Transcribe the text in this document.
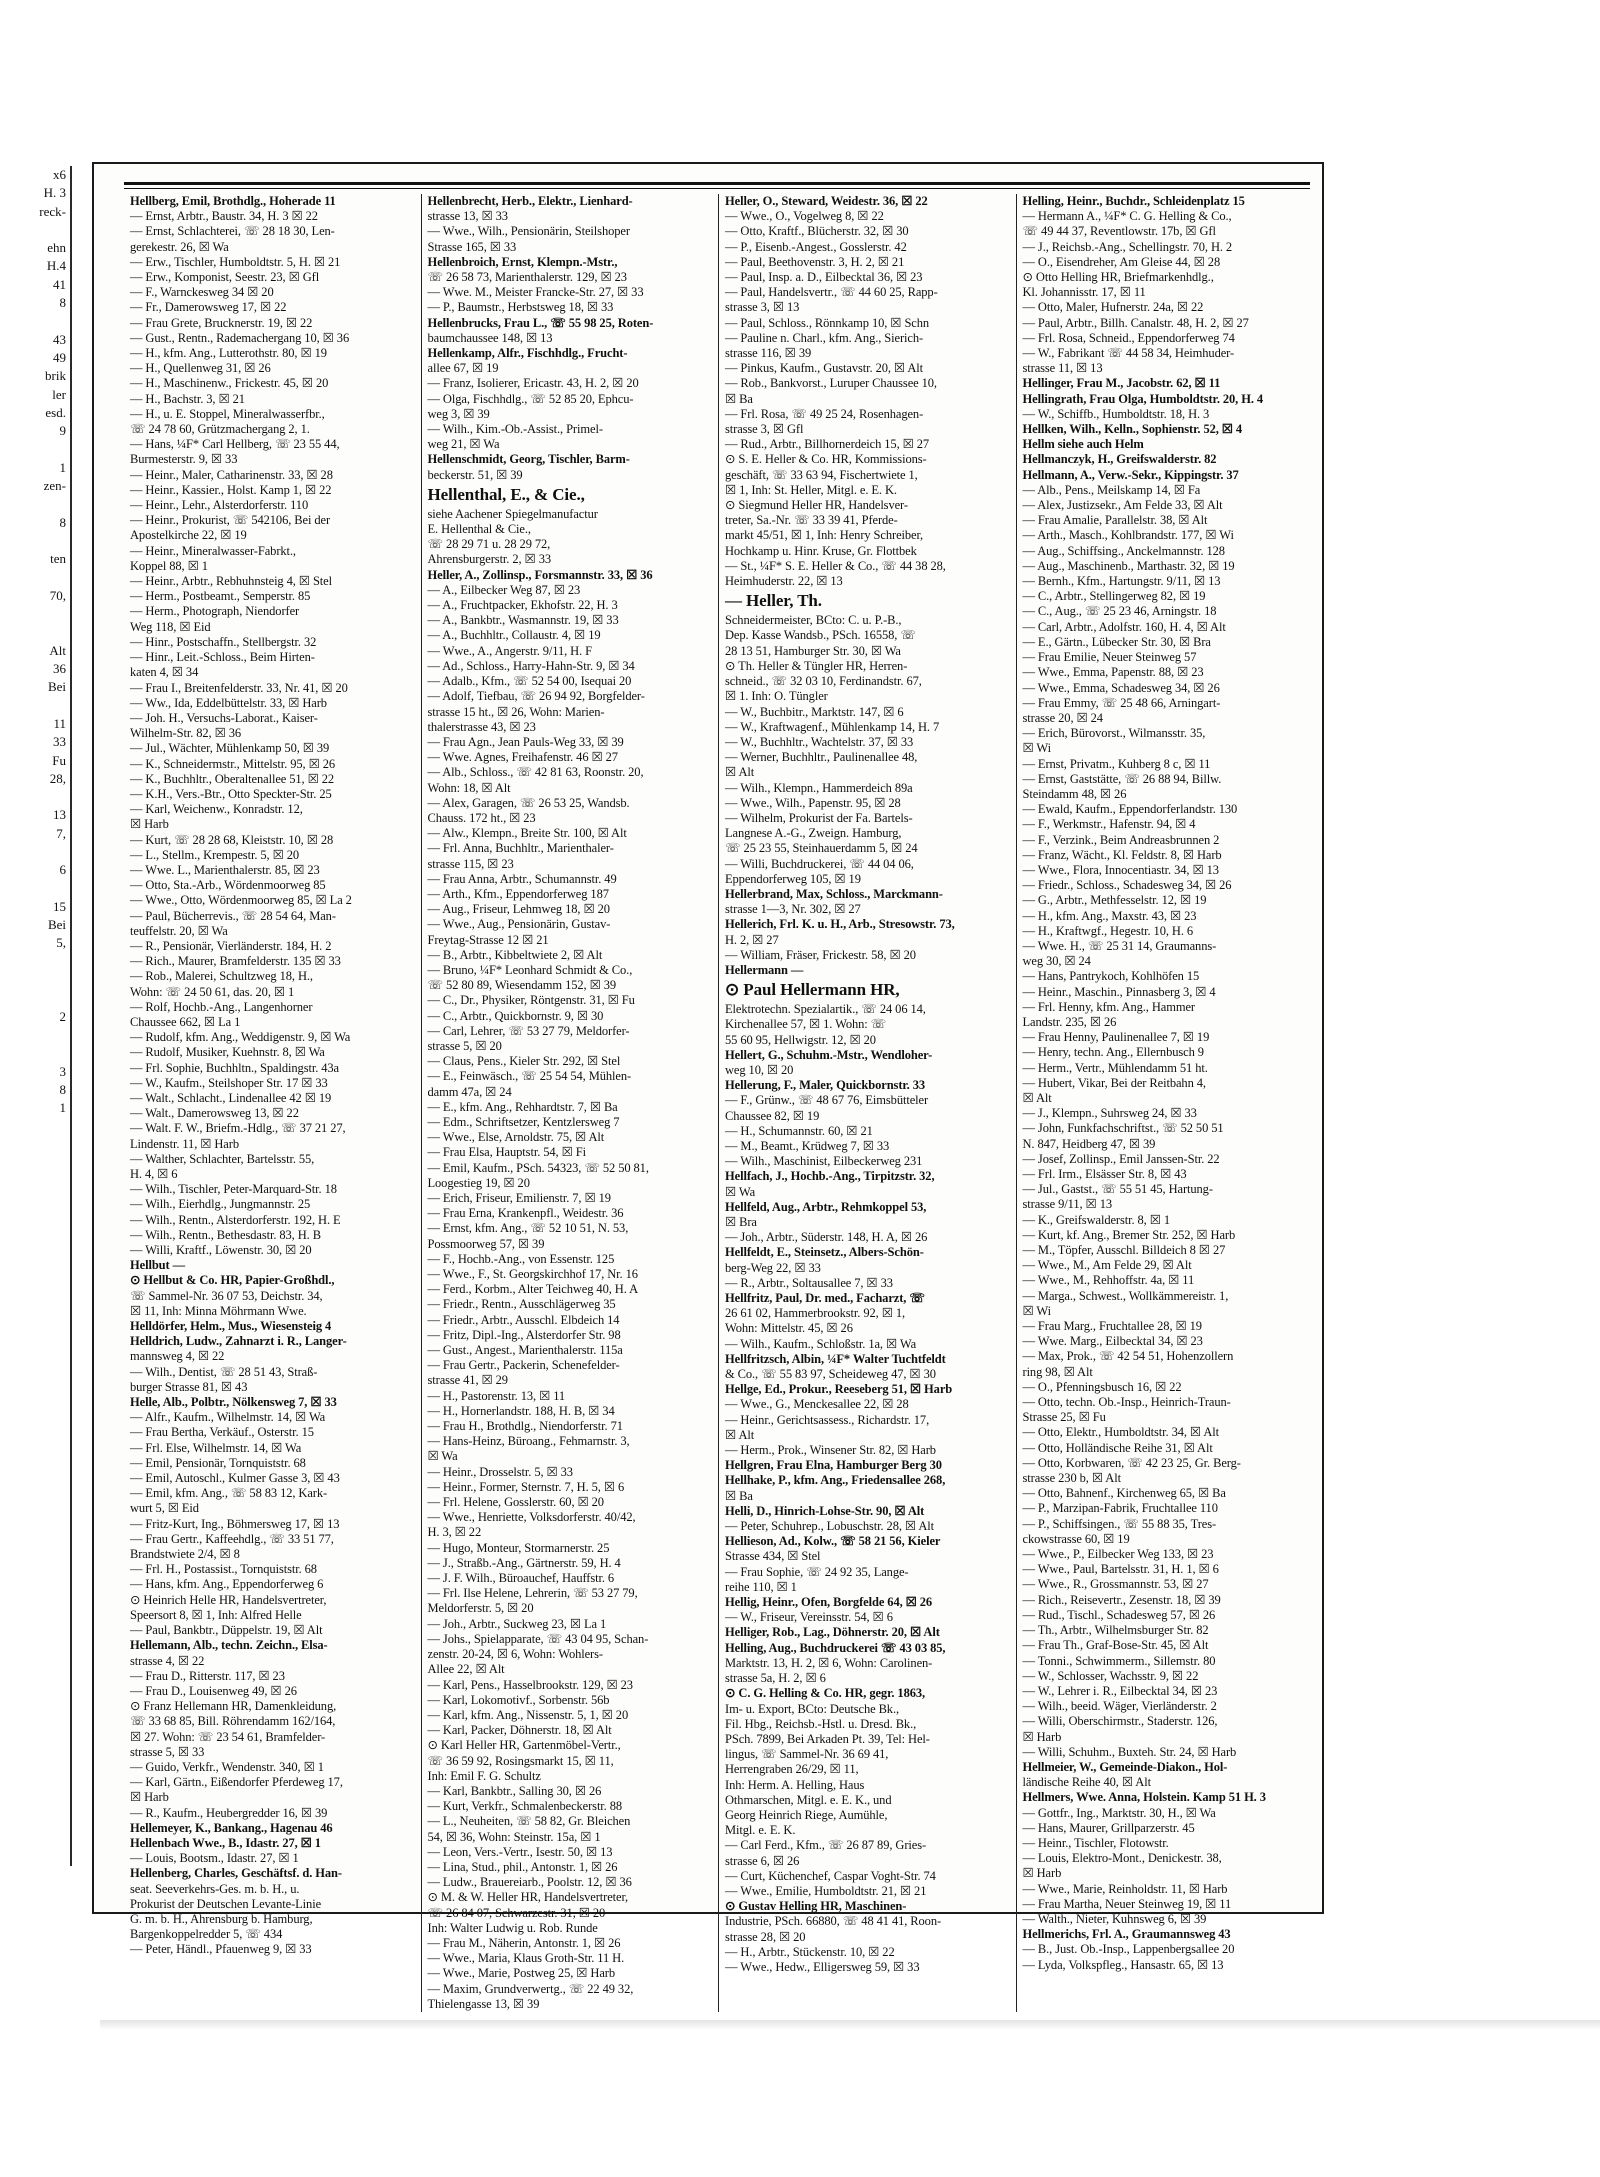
x6
H. 3
reck-

ehn
H.4
41
8

43
49
brik
ler
esd.
9

1
zen-

8

ten

70,

Alt
36
Bei

11
33
Fu
28,

13
7,

6

15
Bei
5,

2

3
8
1
Hellberg, Emil, Brothdlg., Hoherade 11
— Ernst, Arbtr., Baustr. 34, H. 3 ☒ 22
— Ernst, Schlachterei, ☏ 28 18 30, Len-
gerekestr. 26, ☒ Wa
— Erw., Tischler, Humboldtstr. 5, H. ☒ 21
— Erw., Komponist, Seestr. 23, ☒ Gfl
— F., Warnckesweg 34 ☒ 20
— Fr., Damerowsweg 17, ☒ 22
— Frau Grete, Brucknerstr. 19, ☒ 22
— Gust., Rentn., Rademachergang 10, ☒ 36
— H., kfm. Ang., Lutterothstr. 80, ☒ 19
— H., Quellenweg 31, ☒ 26
— H., Maschinenw., Frickestr. 45, ☒ 20
— H., Bachstr. 3, ☒ 21
— H., u. E. Stoppel, Mineralwasserfbr.,
☏ 24 78 60, Grützmachergang 2, 1.
— Hans, ¼F* Carl Hellberg, ☏ 23 55 44,
Burmesterstr. 9, ☒ 33
— Heinr., Maler, Catharinenstr. 33, ☒ 28
— Heinr., Kassier., Holst. Kamp 1, ☒ 22
— Heinr., Lehr., Alsterdorferstr. 110
— Heinr., Prokurist, ☏ 542106, Bei der
Apostelkirche 22, ☒ 19
— Heinr., Mineralwasser-Fabrkt.,
Koppel 88, ☒ 1
— Heinr., Arbtr., Rebhuhnsteig 4, ☒ Stel
— Herm., Postbeamt., Semperstr. 85
— Herm., Photograph, Niendorfer
Weg 118, ☒ Eid
— Hinr., Postschaffn., Stellbergstr. 32
— Hinr., Leit.-Schloss., Beim Hirten-
katen 4, ☒ 34
— Frau I., Breitenfelderstr. 33, Nr. 41, ☒ 20
— Ww., Ida, Eddelbüttelstr. 33, ☒ Harb
— Joh. H., Versuchs-Laborat., Kaiser-
Wilhelm-Str. 82, ☒ 36
— Jul., Wächter, Mühlenkamp 50, ☒ 39
— K., Schneidermstr., Mittelstr. 95, ☒ 26
— K., Buchhltr., Oberaltenallee 51, ☒ 22
— K.H., Vers.-Btr., Otto Speckter-Str. 25
— Karl, Weichenw., Konradstr. 12,
☒ Harb
— Kurt, ☏ 28 28 68, Kleiststr. 10, ☒ 28
— L., Stellm., Krempestr. 5, ☒ 20
— Wwe. L., Marienthalerstr. 85, ☒ 23
— Otto, Sta.-Arb., Wördenmoorweg 85
— Wwe., Otto, Wördenmoorweg 85, ☒ La 2
— Paul, Bücherrevis., ☏ 28 54 64, Man-
teuffelstr. 20, ☒ Wa
— R., Pensionär, Vierländerstr. 184, H. 2
— Rich., Maurer, Bramfelderstr. 135 ☒ 33
— Rob., Malerei, Schultzweg 18, H.,
Wohn: ☏ 24 50 61, das. 20, ☒ 1
— Rolf, Hochb.-Ang., Langenhorner
Chaussee 662, ☒ La 1
— Rudolf, kfm. Ang., Weddigenstr. 9, ☒ Wa
— Rudolf, Musiker, Kuehnstr. 8, ☒ Wa
— Frl. Sophie, Buchhltn., Spaldingstr. 43a
— W., Kaufm., Steilshoper Str. 17 ☒ 33
— Walt., Schlacht., Lindenallee 42 ☒ 19
— Walt., Damerowsweg 13, ☒ 22
— Walt. F. W., Briefm.-Hdlg., ☏ 37 21 27,
Lindenstr. 11, ☒ Harb
— Walther, Schlachter, Bartelsstr. 55,
H. 4, ☒ 6
— Wilh., Tischler, Peter-Marquard-Str. 18
— Wilh., Eierhdlg., Jungmannstr. 25
— Wilh., Rentn., Alsterdorferstr. 192, H. E
— Wilh., Rentn., Bethesdastr. 83, H. B
— Willi, Kraftf., Löwenstr. 30, ☒ 20
Hellbut —
⊙ Hellbut & Co. HR, Papier-Großhdl.,
☏ Sammel-Nr. 36 07 53, Deichstr. 34,
☒ 11, Inh: Minna Möhrmann Wwe.
Helldörfer, Helm., Mus., Wiesensteig 4
Helldrich, Ludw., Zahnarzt i. R., Langer-
mannsweg 4, ☒ 22
— Wilh., Dentist, ☏ 28 51 43, Straß-
burger Strasse 81, ☒ 43
Helle, Alb., Polbtr., Nölkensweg 7, ☒ 33
— Alfr., Kaufm., Wilhelmstr. 14, ☒ Wa
— Frau Bertha, Verkäuf., Osterstr. 15
— Frl. Else, Wilhelmstr. 14, ☒ Wa
— Emil, Pensionär, Tornquiststr. 68
— Emil, Autoschl., Kulmer Gasse 3, ☒ 43
— Emil, kfm. Ang., ☏ 58 83 12, Kark-
wurt 5, ☒ Eid
— Fritz-Kurt, Ing., Böhmersweg 17, ☒ 13
— Frau Gertr., Kaffeehdlg., ☏ 33 51 77,
Brandstwiete 2/4, ☒ 8
— Frl. H., Postassist., Tornquiststr. 68
— Hans, kfm. Ang., Eppendorferweg 6
⊙ Heinrich Helle HR, Handelsvertreter,
Speersort 8, ☒ 1, Inh: Alfred Helle
— Paul, Bankbtr., Düppelstr. 19, ☒ Alt
Hellemann, Alb., techn. Zeichn., Elsa-
strasse 4, ☒ 22
— Frau D., Ritterstr. 117, ☒ 23
— Frau D., Louisenweg 49, ☒ 26
⊙ Franz Hellemann HR, Damenkleidung,
☏ 33 68 85, Bill. Röhrendamm 162/164,
☒ 27. Wohn: ☏ 23 54 61, Bramfelder-
strasse 5, ☒ 33
— Guido, Verkfr., Wendenstr. 340, ☒ 1
— Karl, Gärtn., Eißendorfer Pferdeweg 17,
☒ Harb
— R., Kaufm., Heubergredder 16, ☒ 39
Hellemeyer, K., Bankang., Hagenau 46
Hellenbach Wwe., B., Idastr. 27, ☒ 1
— Louis, Bootsm., Idastr. 27, ☒ 1
Hellenberg, Charles, Geschäftsf. d. Han-
seat. Seeverkehrs-Ges. m. b. H., u.
Prokurist der Deutschen Levante-Linie
G. m. b. H., Ahrensburg b. Hamburg,
Bargenkoppelredder 5, ☏ 434
— Peter, Händl., Pfauenweg 9, ☒ 33
Hellenbrecht, Herb., Elektr., Lienhard-
strasse 13, ☒ 33
— Wwe., Wilh., Pensionärin, Steilshoper
Strasse 165, ☒ 33
Hellenbroich, Ernst, Klempn.-Mstr.,
☏ 26 58 73, Marienthalerstr. 129, ☒ 23
— Wwe. M., Meister Francke-Str. 27, ☒ 33
— P., Baumstr., Herbstsweg 18, ☒ 33
Hellenbrucks, Frau L., ☏ 55 98 25, Roten-
baumchaussee 148, ☒ 13
Hellenkamp, Alfr., Fischhdlg., Frucht-
allee 67, ☒ 19
— Franz, Isolierer, Ericastr. 43, H. 2, ☒ 20
— Olga, Fischhdlg., ☏ 52 85 20, Ephcu-
weg 3, ☒ 39
— Wilh., Kim.-Ob.-Assist., Primel-
weg 21, ☒ Wa
Hellenschmidt, Georg, Tischler, Barm-
beckerstr. 51, ☒ 39
Hellenthal, E., & Cie.,
siehe Aachener Spiegelmanufactur
E. Hellenthal & Cie.,
☏ 28 29 71 u. 28 29 72,
Ahrensburgerstr. 2, ☒ 33
Heller, A., Zollinsp., Forsmannstr. 33, ☒ 36
— A., Eilbecker Weg 87, ☒ 23
— A., Fruchtpacker, Ekhofstr. 22, H. 3
— A., Bankbtr., Wasmannstr. 19, ☒ 33
— A., Buchhltr., Collaustr. 4, ☒ 19
— Wwe., A., Angerstr. 9/11, H. F
— Ad., Schloss., Harry-Hahn-Str. 9, ☒ 34
— Adalb., Kfm., ☏ 52 54 00, Isequai 20
— Adolf, Tiefbau, ☏ 26 94 92, Borgfelder-
strasse 15 ht., ☒ 26, Wohn: Marien-
thalerstrasse 43, ☒ 23
— Frau Agn., Jean Pauls-Weg 33, ☒ 39
— Wwe. Agnes, Freihafenstr. 46 ☒ 27
— Alb., Schloss., ☏ 42 81 63, Roonstr. 20,
Wohn: 18, ☒ Alt
— Alex, Garagen, ☏ 26 53 25, Wandsb.
Chauss. 172 ht., ☒ 23
— Alw., Klempn., Breite Str. 100, ☒ Alt
— Frl. Anna, Buchhltr., Marienthaler-
strasse 115, ☒ 23
— Frau Anna, Arbtr., Schumannstr. 49
— Arth., Kfm., Eppendorferweg 187
— Aug., Friseur, Lehmweg 18, ☒ 20
— Wwe., Aug., Pensionärin, Gustav-
Freytag-Strasse 12 ☒ 21
— B., Arbtr., Kibbeltwiete 2, ☒ Alt
— Bruno, ¼F* Leonhard Schmidt & Co.,
☏ 52 80 89, Wiesendamm 152, ☒ 39
— C., Dr., Physiker, Röntgenstr. 31, ☒ Fu
— C., Arbtr., Quickbornstr. 9, ☒ 30
— Carl, Lehrer, ☏ 53 27 79, Meldorfer-
strasse 5, ☒ 20
— Claus, Pens., Kieler Str. 292, ☒ Stel
— E., Feinwäsch., ☏ 25 54 54, Mühlen-
damm 47a, ☒ 24
— E., kfm. Ang., Rehhardtstr. 7, ☒ Ba
— Edm., Schriftsetzer, Kentzlersweg 7
— Wwe., Else, Arnoldstr. 75, ☒ Alt
— Frau Elsa, Hauptstr. 54, ☒ Fi
— Emil, Kaufm., PSch. 54323, ☏ 52 50 81,
Loogestieg 19, ☒ 20
— Erich, Friseur, Emilienstr. 7, ☒ 19
— Frau Erna, Krankenpfl., Weidestr. 36
— Ernst, kfm. Ang., ☏ 52 10 51, N. 53,
Possmoorweg 57, ☒ 39
— F., Hochb.-Ang., von Essenstr. 125
— Wwe., F., St. Georgskirchhof 17, Nr. 16
— Ferd., Korbm., Alter Teichweg 40, H. A
— Friedr., Rentn., Ausschlägerweg 35
— Friedr., Arbtr., Ausschl. Elbdeich 14
— Fritz, Dipl.-Ing., Alsterdorfer Str. 98
— Gust., Angest., Marienthalerstr. 115a
— Frau Gertr., Packerin, Schenefelder-
strasse 41, ☒ 29
— H., Pastorenstr. 13, ☒ 11
— H., Hornerlandstr. 188, H. B, ☒ 34
— Frau H., Brothdlg., Niendorferstr. 71
— Hans-Heinz, Büroang., Fehmarnstr. 3,
☒ Wa
— Heinr., Drosselstr. 5, ☒ 33
— Heinr., Former, Sternstr. 7, H. 5, ☒ 6
— Frl. Helene, Gosslerstr. 60, ☒ 20
— Wwe., Henriette, Volksdorferstr. 40/42,
H. 3, ☒ 22
— Hugo, Monteur, Stormarnerstr. 25
— J., Straßb.-Ang., Gärtnerstr. 59, H. 4
— J. F. Wilh., Büroauchef, Hauffstr. 6
— Frl. Ilse Helene, Lehrerin, ☏ 53 27 79,
Meldorferstr. 5, ☒ 20
— Joh., Arbtr., Suckweg 23, ☒ La 1
— Johs., Spielapparate, ☏ 43 04 95, Schan-
zenstr. 20-24, ☒ 6, Wohn: Wohlers-
Allee 22, ☒ Alt
— Karl, Pens., Hasselbrookstr. 129, ☒ 23
— Karl, Lokomotivf., Sorbenstr. 56b
— Karl, kfm. Ang., Nissenstr. 5, 1, ☒ 20
— Karl, Packer, Döhnerstr. 18, ☒ Alt
⊙ Karl Heller HR, Gartenmöbel-Vertr.,
☏ 36 59 92, Rosingsmarkt 15, ☒ 11,
Inh: Emil F. G. Schultz
— Karl, Bankbtr., Salling 30, ☒ 26
— Kurt, Verkfr., Schmalenbeckerstr. 88
— L., Neuheiten, ☏ 58 82, Gr. Bleichen
54, ☒ 36, Wohn: Steinstr. 15a, ☒ 1
— Leon, Vers.-Vertr., Isestr. 50, ☒ 13
— Lina, Stud., phil., Antonstr. 1, ☒ 26
— Ludw., Brauereiarb., Poolstr. 12, ☒ 36
⊙ M. & W. Heller HR, Handelsvertreter,
☏ 26 84 07, Schwarzestr. 31, ☒ 20
Inh: Walter Ludwig u. Rob. Runde
— Frau M., Näherin, Antonstr. 1, ☒ 26
— Wwe., Maria, Klaus Groth-Str. 11 H.
— Wwe., Marie, Postweg 25, ☒ Harb
— Maxim, Grundverwertg., ☏ 22 49 32,
Thielengasse 13, ☒ 39
Heller, O., Steward, Weidestr. 36, ☒ 22
— Wwe., O., Vogelweg 8, ☒ 22
— Otto, Kraftf., Blücherstr. 32, ☒ 30
— P., Eisenb.-Angest., Gosslerstr. 42
— Paul, Beethovenstr. 3, H. 2, ☒ 21
— Paul, Insp. a. D., Eilbecktal 36, ☒ 23
— Paul, Handelsvertr., ☏ 44 60 25, Rapp-
strasse 3, ☒ 13
— Paul, Schloss., Rönnkamp 10, ☒ Schn
— Pauline n. Charl., kfm. Ang., Sierich-
strasse 116, ☒ 39
— Pinkus, Kaufm., Gustavstr. 20, ☒ Alt
— Rob., Bankvorst., Luruper Chaussee 10,
☒ Ba
— Frl. Rosa, ☏ 49 25 24, Rosenhagen-
strasse 3, ☒ Gfl
— Rud., Arbtr., Billhornerdeich 15, ☒ 27
⊙ S. E. Heller & Co. HR, Kommissions-
geschäft, ☏ 33 63 94, Fischertwiete 1,
☒ 1, Inh: St. Heller, Mitgl. e. E. K.
⊙ Siegmund Heller HR, Handelsver-
treter, Sa.-Nr. ☏ 33 39 41, Pferde-
markt 45/51, ☒ 1, Inh: Henry Schreiber,
Hochkamp u. Hinr. Kruse, Gr. Flottbek
— St., ¼F* S. E. Heller & Co., ☏ 44 38 28,
Heimhuderstr. 22, ☒ 13
— Heller, Th.
Schneidermeister, BCto: C. u. P.-B.,
Dep. Kasse Wandsb., PSch. 16558, ☏
28 13 51, Hamburger Str. 30, ☒ Wa
⊙ Th. Heller & Tüngler HR, Herren-
schneid., ☏ 32 03 10, Ferdinandstr. 67,
☒ 1. Inh: O. Tüngler
— W., Buchbitr., Marktstr. 147, ☒ 6
— W., Kraftwagenf., Mühlenkamp 14, H. 7
— W., Buchhltr., Wachtelstr. 37, ☒ 33
— Werner, Buchhltr., Paulinenallee 48,
☒ Alt
— Wilh., Klempn., Hammerdeich 89a
— Wwe., Wilh., Papenstr. 95, ☒ 28
— Wilhelm, Prokurist der Fa. Bartels-
Langnese A.-G., Zweign. Hamburg,
☏ 25 23 55, Steinhauerdamm 5, ☒ 24
— Willi, Buchdruckerei, ☏ 44 04 06,
Eppendorferweg 105, ☒ 19
Hellerbrand, Max, Schloss., Marckmann-
strasse 1—3, Nr. 302, ☒ 27
Hellerich, Frl. K. u. H., Arb., Stresowstr. 73,
H. 2, ☒ 27
— William, Fräser, Frickestr. 58, ☒ 20
Hellermann —
⊙ Paul Hellermann HR,
Elektrotechn. Spezialartik., ☏ 24 06 14,
Kirchenallee 57, ☒ 1. Wohn: ☏
55 60 95, Hellwigstr. 12, ☒ 20
Hellert, G., Schuhm.-Mstr., Wendloher-
weg 10, ☒ 20
Hellerung, F., Maler, Quickbornstr. 33
— F., Grünw., ☏ 48 67 76, Eimsbütteler
Chaussee 82, ☒ 19
— H., Schumannstr. 60, ☒ 21
— M., Beamt., Krüdweg 7, ☒ 33
— Wilh., Maschinist, Eilbeckerweg 231
Hellfach, J., Hochb.-Ang., Tirpitzstr. 32,
☒ Wa
Hellfeld, Aug., Arbtr., Rehmkoppel 53,
☒ Bra
— Joh., Arbtr., Süderstr. 148, H. A, ☒ 26
Hellfeldt, E., Steinsetz., Albers-Schön-
berg-Weg 22, ☒ 33
— R., Arbtr., Soltausallee 7, ☒ 33
Hellfritz, Paul, Dr. med., Facharzt, ☏
26 61 02, Hammerbrookstr. 92, ☒ 1,
Wohn: Mittelstr. 45, ☒ 26
— Wilh., Kaufm., Schloßstr. 1a, ☒ Wa
Hellfritzsch, Albin, ¼F* Walter Tuchtfeldt
& Co., ☏ 55 83 97, Scheideweg 47, ☒ 30
Hellge, Ed., Prokur., Reeseberg 51, ☒ Harb
— Wwe., G., Menckesallee 22, ☒ 28
— Heinr., Gerichtsassess., Richardstr. 17,
☒ Alt
— Herm., Prok., Winsener Str. 82, ☒ Harb
Hellgren, Frau Elna, Hamburger Berg 30
Hellhake, P., kfm. Ang., Friedensallee 268,
☒ Ba
Helli, D., Hinrich-Lohse-Str. 90, ☒ Alt
— Peter, Schuhrep., Lobuschstr. 28, ☒ Alt
Hellieson, Ad., Kolw., ☏ 58 21 56, Kieler
Strasse 434, ☒ Stel
— Frau Sophie, ☏ 24 92 35, Lange-
reihe 110, ☒ 1
Hellig, Heinr., Ofen, Borgfelde 64, ☒ 26
— W., Friseur, Vereinsstr. 54, ☒ 6
Helliger, Rob., Lag., Döhnerstr. 20, ☒ Alt
Helling, Aug., Buchdruckerei ☏ 43 03 85,
Marktstr. 13, H. 2, ☒ 6, Wohn: Carolinen-
strasse 5a, H. 2, ☒ 6
⊙ C. G. Helling & Co. HR, gegr. 1863,
Im- u. Export, BCto: Deutsche Bk.,
Fil. Hbg., Reichsb.-Hstl. u. Dresd. Bk.,
PSch. 7899, Bei Arkaden Pt. 39, Tel: Hel-
lingus, ☏ Sammel-Nr. 36 69 41,
Herrengraben 26/29, ☒ 11,
Inh: Herm. A. Helling, Haus
Othmarschen, Mitgl. e. E. K., und
Georg Heinrich Riege, Aumühle,
Mitgl. e. E. K.
— Carl Ferd., Kfm., ☏ 26 87 89, Gries-
strasse 6, ☒ 26
— Curt, Küchenchef, Caspar Voght-Str. 74
— Wwe., Emilie, Humboldtstr. 21, ☒ 21
⊙ Gustav Helling HR, Maschinen-
Industrie, PSch. 66880, ☏ 48 41 41, Roon-
strasse 28, ☒ 20
— H., Arbtr., Stückenstr. 10, ☒ 22
— Wwe., Hedw., Elligersweg 59, ☒ 33
Helling, Heinr., Buchdr., Schleidenplatz 15
— Hermann A., ¼F* C. G. Helling & Co.,
☏ 49 44 37, Reventlowstr. 17b, ☒ Gfl
— J., Reichsb.-Ang., Schellingstr. 70, H. 2
— O., Eisendreher, Am Gleise 44, ☒ 28
⊙ Otto Helling HR, Briefmarkenhdlg.,
Kl. Johannisstr. 17, ☒ 11
— Otto, Maler, Hufnerstr. 24a, ☒ 22
— Paul, Arbtr., Billh. Canalstr. 48, H. 2, ☒ 27
— Frl. Rosa, Schneid., Eppendorferweg 74
— W., Fabrikant ☏ 44 58 34, Heimhuder-
strasse 11, ☒ 13
Hellinger, Frau M., Jacobstr. 62, ☒ 11
Hellingrath, Frau Olga, Humboldtstr. 20, H. 4
— W., Schiffb., Humboldtstr. 18, H. 3
Hellken, Wilh., Kelln., Sophienstr. 52, ☒ 4
Hellm siehe auch Helm
Hellmanczyk, H., Greifswalderstr. 82
Hellmann, A., Verw.-Sekr., Kippingstr. 37
— Alb., Pens., Meilskamp 14, ☒ Fa
— Alex, Justizsekr., Am Felde 33, ☒ Alt
— Frau Amalie, Parallelstr. 38, ☒ Alt
— Arth., Masch., Kohlbrandstr. 177, ☒ Wi
— Aug., Schiffsing., Anckelmannstr. 128
— Aug., Maschinenb., Marthastr. 32, ☒ 19
— Bernh., Kfm., Hartungstr. 9/11, ☒ 13
— C., Arbtr., Stellingerweg 82, ☒ 19
— C., Aug., ☏ 25 23 46, Arningstr. 18
— Carl, Arbtr., Adolfstr. 160, H. 4, ☒ Alt
— E., Gärtn., Lübecker Str. 30, ☒ Bra
— Frau Emilie, Neuer Steinweg 57
— Wwe., Emma, Papenstr. 88, ☒ 23
— Wwe., Emma, Schadesweg 34, ☒ 26
— Frau Emmy, ☏ 25 48 66, Arningart-
strasse 20, ☒ 24
— Erich, Bürovorst., Wilmansstr. 35,
☒ Wi
— Ernst, Privatm., Kuhberg 8 c, ☒ 11
— Ernst, Gaststätte, ☏ 26 88 94, Billw.
Steindamm 48, ☒ 26
— Ewald, Kaufm., Eppendorferlandstr. 130
— F., Werkmstr., Hafenstr. 94, ☒ 4
— F., Verzink., Beim Andreasbrunnen 2
— Franz, Wächt., Kl. Feldstr. 8, ☒ Harb
— Wwe., Flora, Innocentiastr. 34, ☒ 13
— Friedr., Schloss., Schadesweg 34, ☒ 26
— G., Arbtr., Methfesselstr. 12, ☒ 19
— H., kfm. Ang., Maxstr. 43, ☒ 23
— H., Kraftwgf., Hegestr. 10, H. 6
— Wwe. H., ☏ 25 31 14, Graumanns-
weg 30, ☒ 24
— Hans, Pantrykoch, Kohlhöfen 15
— Heinr., Maschin., Pinnasberg 3, ☒ 4
— Frl. Henny, kfm. Ang., Hammer
Landstr. 235, ☒ 26
— Frau Henny, Paulinenallee 7, ☒ 19
— Henry, techn. Ang., Ellernbusch 9
— Herm., Vertr., Mühlendamm 51 ht.
— Hubert, Vikar, Bei der Reitbahn 4,
☒ Alt
— J., Klempn., Suhrsweg 24, ☒ 33
— John, Funkfachschriftst., ☏ 52 50 51
N. 847, Heidberg 47, ☒ 39
— Josef, Zollinsp., Emil Janssen-Str. 22
— Frl. Irm., Elsässer Str. 8, ☒ 43
— Jul., Gastst., ☏ 55 51 45, Hartung-
strasse 9/11, ☒ 13
— K., Greifswalderstr. 8, ☒ 1
— Kurt, kf. Ang., Bremer Str. 252, ☒ Harb
— M., Töpfer, Ausschl. Billdeich 8 ☒ 27
— Wwe., M., Am Felde 29, ☒ Alt
— Wwe., M., Rehhoffstr. 4a, ☒ 11
— Marga., Schwest., Wollkämmereistr. 1,
☒ Wi
— Frau Marg., Fruchtallee 28, ☒ 19
— Wwe. Marg., Eilbecktal 34, ☒ 23
— Max, Prok., ☏ 42 54 51, Hohenzollern
ring 98, ☒ Alt
— O., Pfenningsbusch 16, ☒ 22
— Otto, techn. Ob.-Insp., Heinrich-Traun-
Strasse 25, ☒ Fu
— Otto, Elektr., Humboldtstr. 34, ☒ Alt
— Otto, Holländische Reihe 31, ☒ Alt
— Otto, Korbwaren, ☏ 42 23 25, Gr. Berg-
strasse 230 b, ☒ Alt
— Otto, Bahnenf., Kirchenweg 65, ☒ Ba
— P., Marzipan-Fabrik, Fruchtallee 110
— P., Schiffsingen., ☏ 55 88 35, Tres-
ckowstrasse 60, ☒ 19
— Wwe., P., Eilbecker Weg 133, ☒ 23
— Wwe., Paul, Bartelsstr. 31, H. 1, ☒ 6
— Wwe., R., Grossmannstr. 53, ☒ 27
— Rich., Reisevertr., Zesenstr. 18, ☒ 39
— Rud., Tischl., Schadesweg 57, ☒ 26
— Th., Arbtr., Wilhelmsburger Str. 82
— Frau Th., Graf-Bose-Str. 45, ☒ Alt
— Tonni., Schwimmerm., Sillemstr. 80
— W., Schlosser, Wachsstr. 9, ☒ 22
— W., Lehrer i. R., Eilbecktal 34, ☒ 23
— Wilh., beeid. Wäger, Vierländerstr. 2
— Willi, Oberschirmstr., Staderstr. 126,
☒ Harb
— Willi, Schuhm., Buxteh. Str. 24, ☒ Harb
Hellmeier, W., Gemeinde-Diakon., Hol-
ländische Reihe 40, ☒ Alt
Hellmers, Wwe. Anna, Holstein. Kamp 51 H. 3
— Gottfr., Ing., Marktstr. 30, H., ☒ Wa
— Hans, Maurer, Grillparzerstr. 45
— Heinr., Tischler, Flotowstr.
— Louis, Elektro-Mont., Denickestr. 38,
☒ Harb
— Wwe., Marie, Reinholdstr. 11, ☒ Harb
— Frau Martha, Neuer Steinweg 19, ☒ 11
— Walth., Nieter, Kuhnsweg 6, ☒ 39
Hellmerichs, Frl. A., Graumannsweg 43
— B., Just. Ob.-Insp., Lappenbergsallee 20
— Lyda, Volkspfleg., Hansastr. 65, ☒ 13
